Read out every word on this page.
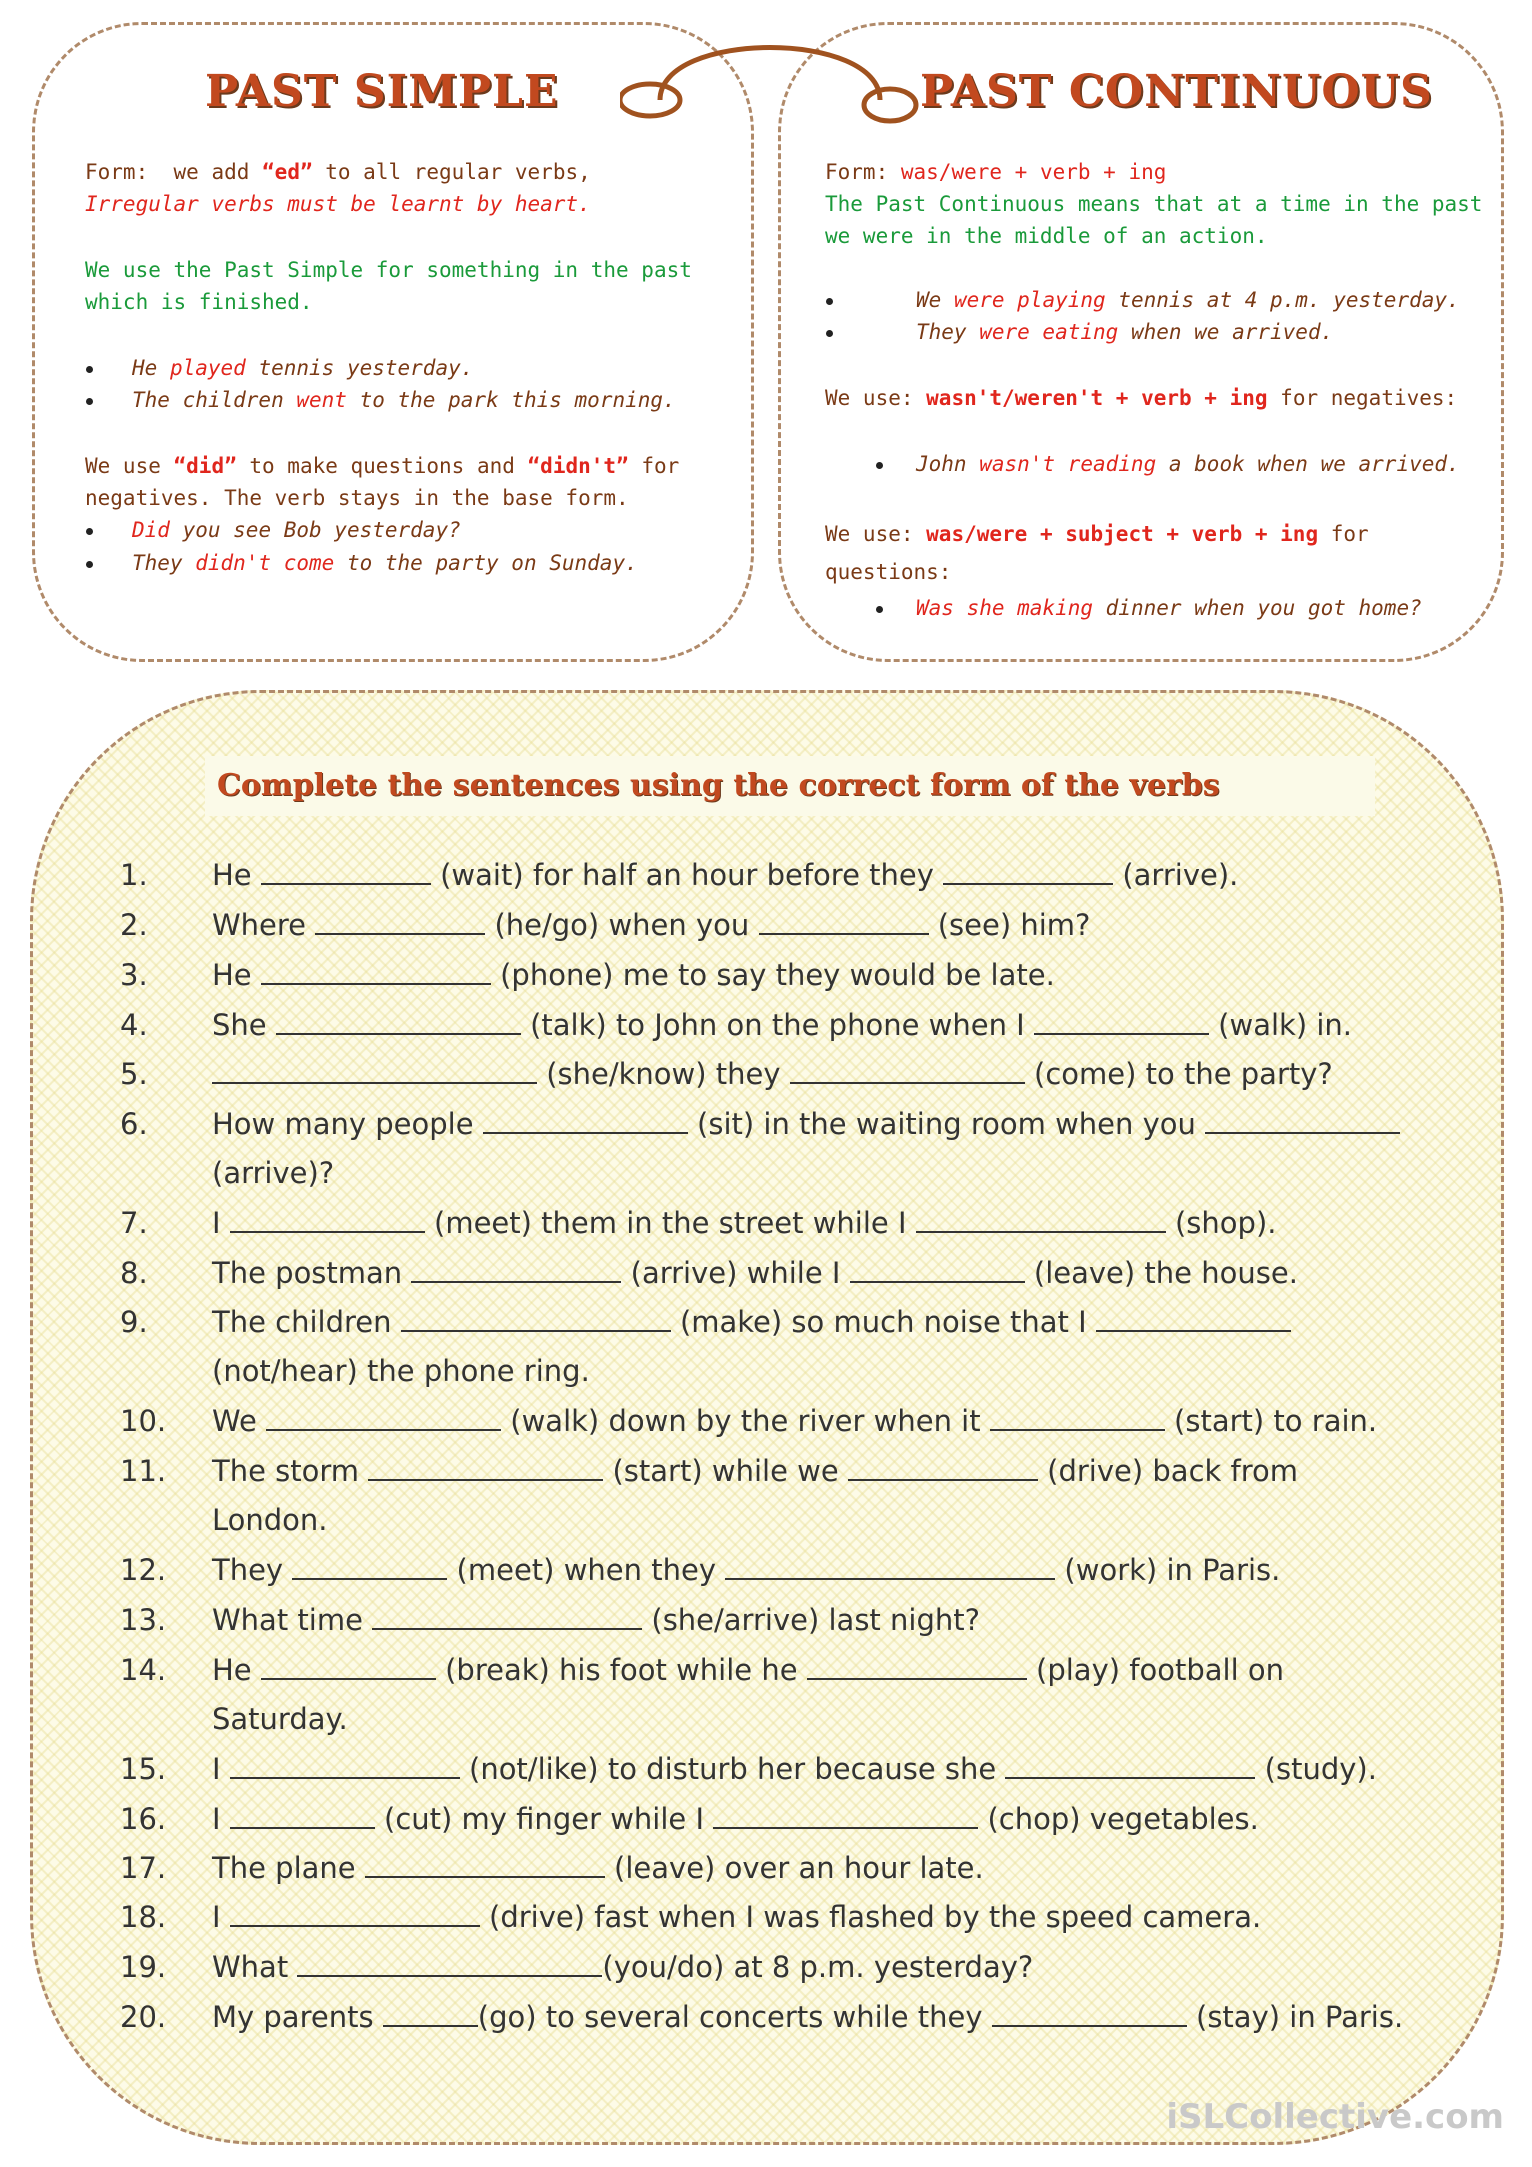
PAST SIMPLE	PAST CONTINUOUS
Form: we add “ed” to all regular verbs,
Irregular verbs must be learnt by heart.
We use the Past Simple for something in the past
which is finished.
He played tennis yesterday.
The children went to the park this morning.
We use “did” to make questions and “didn't” for
negatives. The verb stays in the base form.
Did you see Bob yesterday?
They didn't come to the party on Sunday.
Form: was/were + verb + ing
The Past Continuous means that at a time in the past
we were in the middle of an action.
We were playing tennis at 4 p.m. yesterday.
They were eating when we arrived.
We use: wasn't/weren't + verb + ing for negatives:
John wasn't reading a book when we arrived.
We use: was/were + subject + verb + ing for
questions:
Was she making dinner when you got home?
Complete the sentences using the correct form of the verbs
1.	He	(wait) for half an hour before they	(arrive).
2.	Where	(he/go) when you	(see) him?
3.	He	(phone) me to say they would be late.
4.	She	(talk) to John on the phone when I	(walk) in.
5.	(she/know) they	(come) to the party?
6.	How many people	(sit) in the waiting room when you
(arrive)?
7.	I	(meet) them in the street while I	(shop).
8.	The postman	(arrive) while I	(leave) the house.
9.	The children	(make) so much noise that I
(not/hear) the phone ring.
10.	We	(walk) down by the river when it	(start) to rain.
11.	The storm	(start) while we	(drive) back from
London.
12.	They	(meet) when they	(work) in Paris.
13.	What time	(she/arrive) last night?
14.	He	(break) his foot while he	(play) football on
Saturday.
15.	I	(not/like) to disturb her because she	(study).
16.	I	(cut) my finger while I	(chop) vegetables.
17.	The plane	(leave) over an hour late.
18.	I	(drive) fast when I was flashed by the speed camera.
19.	What	(you/do) at 8 p.m. yesterday?
20.	My parents	(go) to several concerts while they	(stay) in Paris.
iSLCollective.com
